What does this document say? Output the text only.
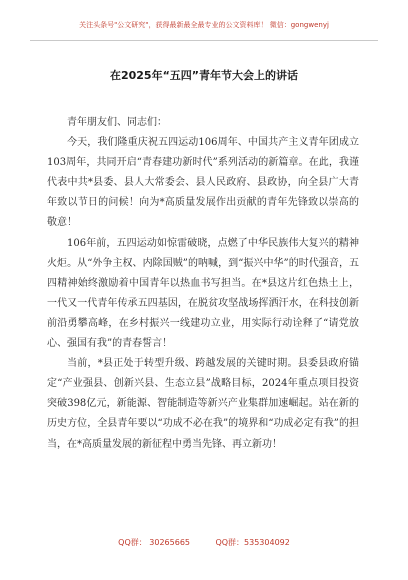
关注头条号"公文研究"，获得最新最全最专业的公文资料库！ 微信：gongwenyj
在2025年“五四”青年节大会上的讲话

青年朋友们、同志们：

今天，我们隆重庆祝五四运动106周年、中国共产主义青年团成立103周年，共同开启“青春建功新时代”系列活动的新篇章。在此，我谨代表中共*县委、县人大常委会、县人民政府、县政协，向全县广大青年致以节日的问候！向为*高质量发展作出贡献的青年先锋致以崇高的敬意！

106年前，五四运动如惊雷破晓，点燃了中华民族伟大复兴的精神火炬。从“外争主权、内除国贼”的呐喊，到“振兴中华”的时代强音，五四精神始终激励着中国青年以热血书写担当。在*县这片红色热土上，一代又一代青年传承五四基因，在脱贫攻坚战场挥洒汗水，在科技创新前沿勇攀高峰，在乡村振兴一线建功立业，用实际行动诠释了“请党放心、强国有我”的青春誓言！

当前，*县正处于转型升级、跨越发展的关键时期。县委县政府锚定“产业强县、创新兴县、生态立县”战略目标，2024年重点项目投资突破398亿元，新能源、智能制造等新兴产业集群加速崛起。站在新的历史方位，全县青年要以“功成不必在我”的境界和“功成必定有我”的担当，在*高质量发展的新征程中勇当先锋、再立新功！

QQ群： 30265665	QQ群：535304092
